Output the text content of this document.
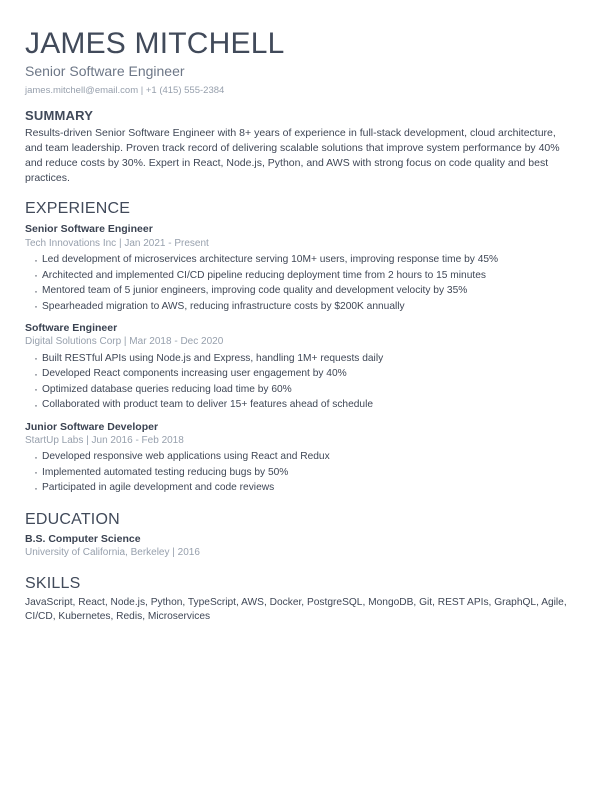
JAMES MITCHELL
Senior Software Engineer
james.mitchell@email.com | +1 (415) 555-2384
SUMMARY

Results-driven Senior Software Engineer with 8+ years of experience in full-stack development, cloud architecture, and team leadership. Proven track record of delivering scalable solutions that improve system performance by 40% and reduce costs by 30%. Expert in React, Node.js, Python, and AWS with strong focus on code quality and best practices.

EXPERIENCE
Senior Software Engineer
Tech Innovations Inc | Jan 2021 - Present
· Led development of microservices architecture serving 10M+ users, improving response time by 45%
· Architected and implemented CI/CD pipeline reducing deployment time from 2 hours to 15 minutes
· Mentored team of 5 junior engineers, improving code quality and development velocity by 35%
· Spearheaded migration to AWS, reducing infrastructure costs by $200K annually
Software Engineer
Digital Solutions Corp | Mar 2018 - Dec 2020
· Built RESTful APIs using Node.js and Express, handling 1M+ requests daily
· Developed React components increasing user engagement by 40%
· Optimized database queries reducing load time by 60%
· Collaborated with product team to deliver 15+ features ahead of schedule
Junior Software Developer
StartUp Labs | Jun 2016 - Feb 2018
· Developed responsive web applications using React and Redux
· Implemented automated testing reducing bugs by 50%
· Participated in agile development and code reviews
EDUCATION
B.S. Computer Science
University of California, Berkeley | 2016
SKILLS

JavaScript, React, Node.js, Python, TypeScript, AWS, Docker, PostgreSQL, MongoDB, Git, REST APIs, GraphQL, Agile, CI/CD, Kubernetes, Redis, Microservices
